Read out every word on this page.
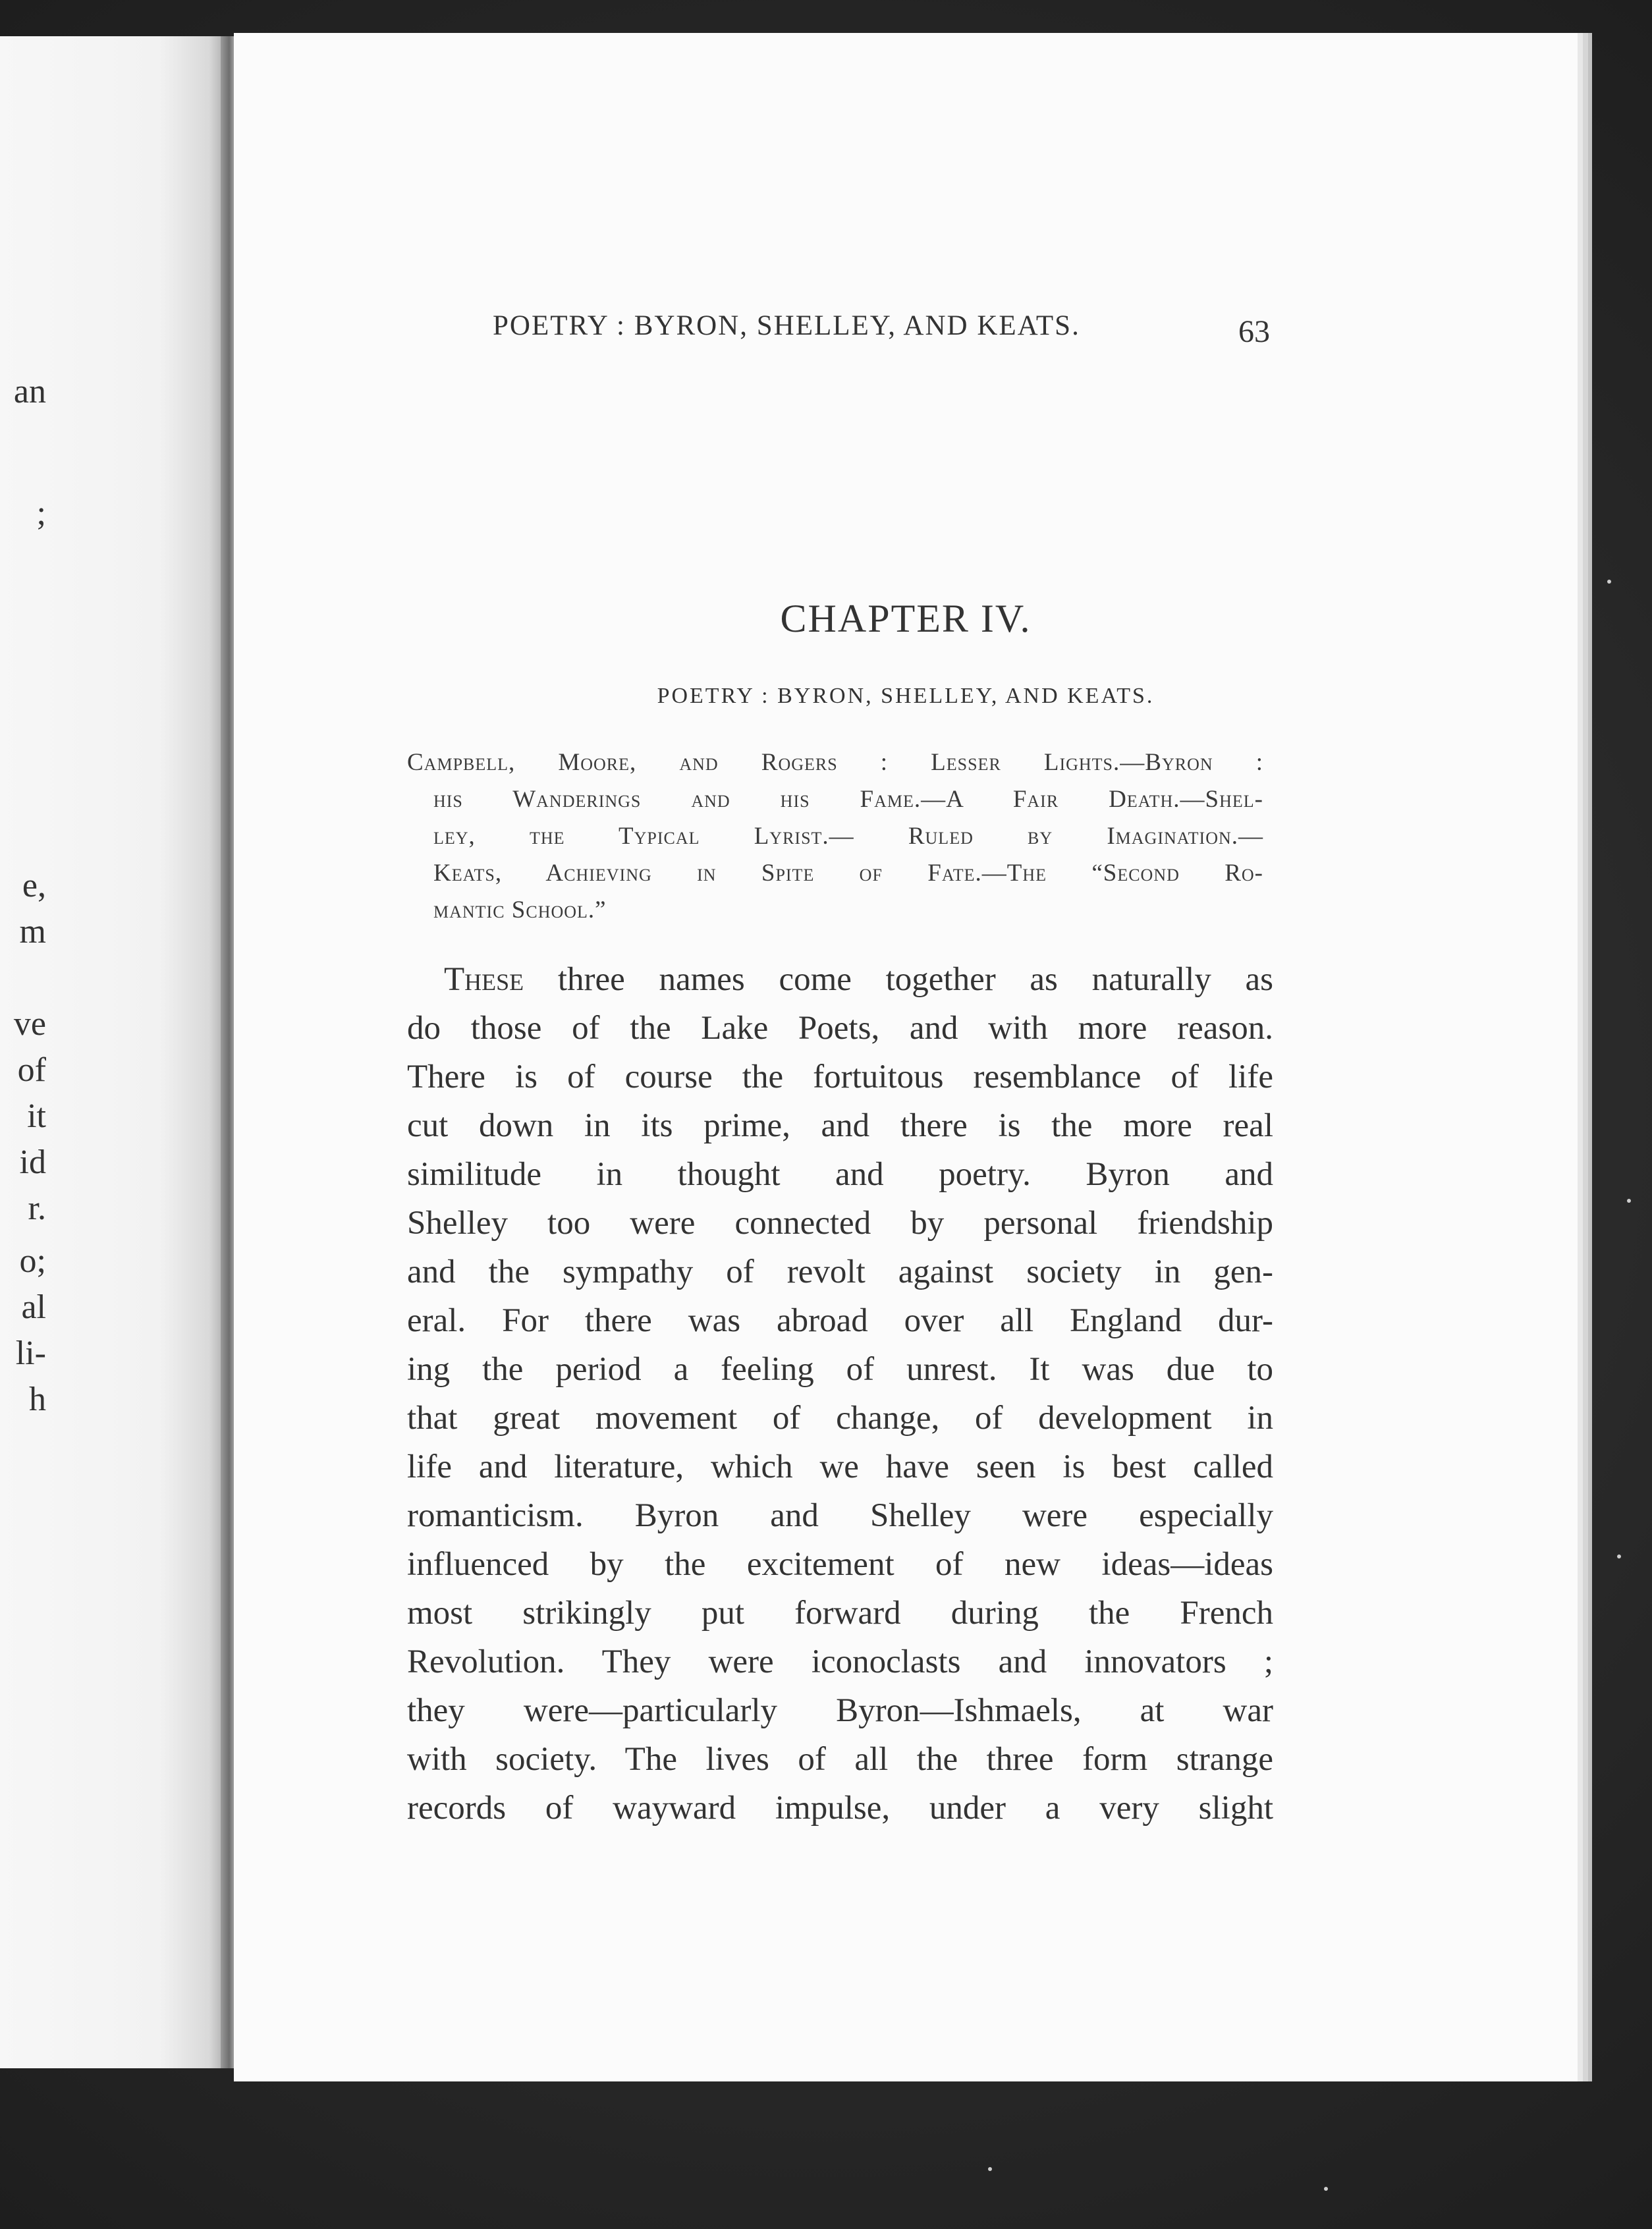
an
;
e,
m
ve
of
it
id
r.
o;
al
li-
h
POETRY : BYRON, SHELLEY, AND KEATS.	63
CHAPTER IV.
POETRY : BYRON, SHELLEY, AND KEATS.
Campbell, Moore, and Rogers : Lesser Lights.—Byron :
his Wanderings and his Fame.—A Fair Death.—Shel-
ley, the Typical Lyrist.— Ruled by Imagination.—
Keats, Achieving in Spite of Fate.—The “Second Ro-
mantic School.”
These three names come together as naturally as
do those of the Lake Poets, and with more reason.
There is of course the fortuitous resemblance of life
cut down in its prime, and there is the more real
similitude in thought and poetry. Byron and
Shelley too were connected by personal friendship
and the sympathy of revolt against society in gen-
eral. For there was abroad over all England dur-
ing the period a feeling of unrest. It was due to
that great movement of change, of development in
life and literature, which we have seen is best called
romanticism. Byron and Shelley were especially
influenced by the excitement of new ideas—ideas
most strikingly put forward during the French
Revolution. They were iconoclasts and innovators ;
they were—particularly Byron—Ishmaels, at war
with society. The lives of all the three form strange
records of wayward impulse, under a very slight
